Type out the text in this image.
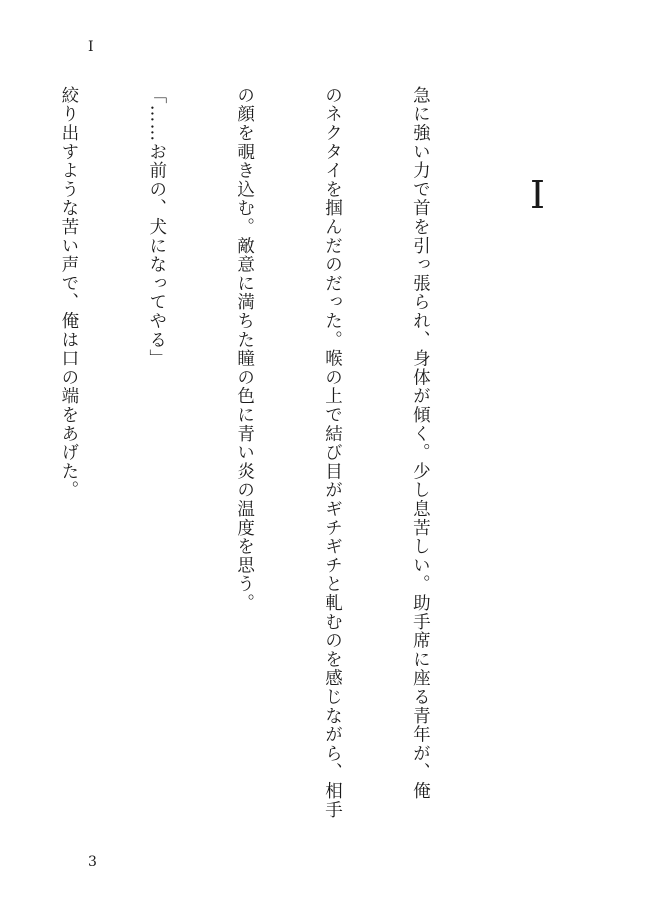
I
I

急に強い力で首を引っ張られ、身体が傾く。少し息苦しい。助手席に座る青年が、俺

のネクタイを掴んだのだった。喉の上で結び目がギチギチと軋むのを感じながら、相手

の顔を覗き込む。敵意に満ちた瞳の色に青い炎の温度を思う。

「……お前の、犬になってやる」

絞り出すような苦い声で、俺は口の端をあげた。

3
